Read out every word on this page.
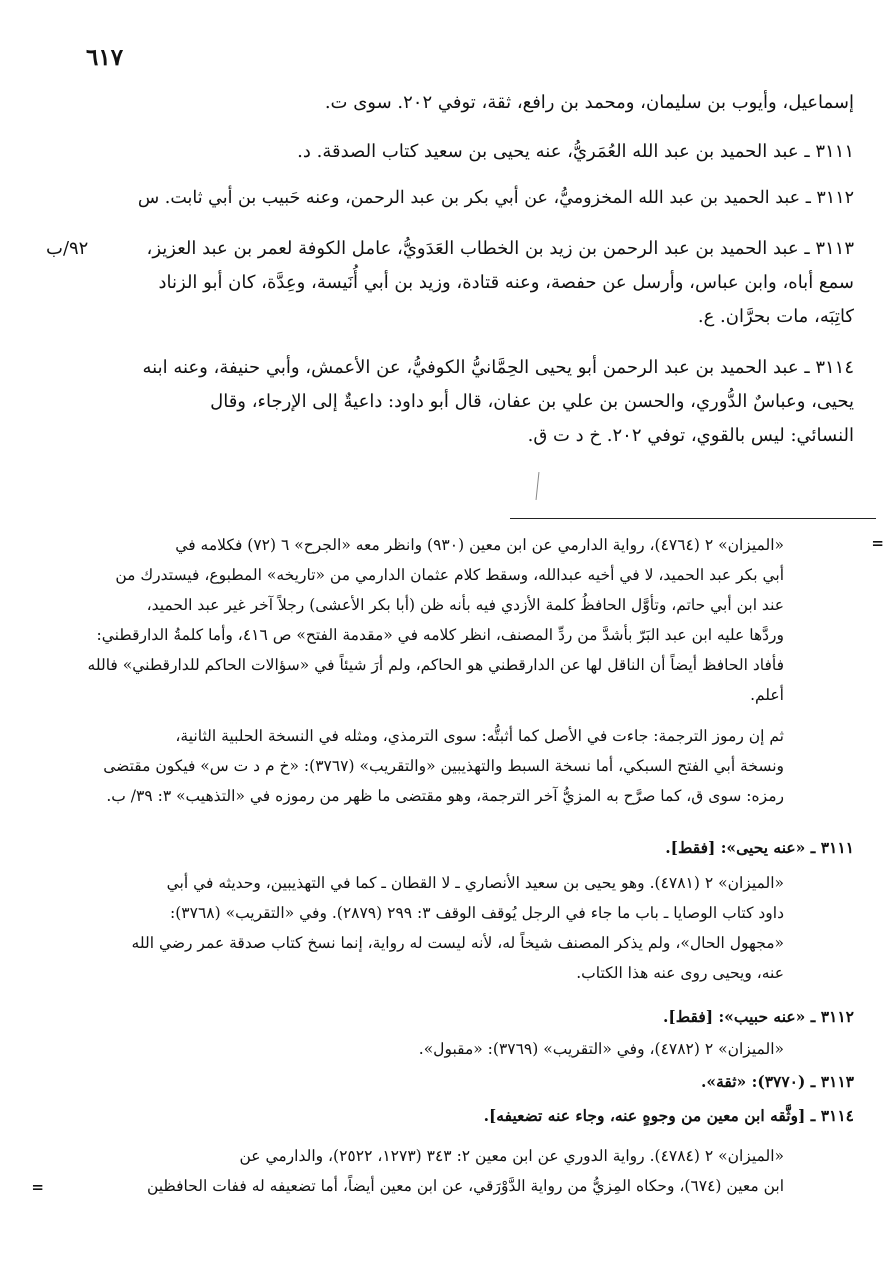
٦١٧
إسماعيل، وأيوب بن سليمان، ومحمد بن رافع، ثقة، توفي ٢٠٢. سوى ت.
٣١١١ ـ عبد الحميد بن عبد الله العُمَريُّ، عنه يحيى بن سعيد كتاب الصدقة. د.
٣١١٢ ـ عبد الحميد بن عبد الله المخزوميُّ، عن أبي بكر بن عبد الرحمن، وعنه حَبيب بن أبي ثابت. س
٣١١٣ ـ عبد الحميد بن عبد الرحمن بن زيد بن الخطاب العَدَويُّ، عامل الكوفة لعمر بن عبد العزيز،
سمع أباه، وابن عباس، وأرسل عن حفصة، وعنه قتادة، وزيد بن أبي أُنَيسة، وعِدَّة، كان أبو الزناد
كاتِبَه، مات بحرَّان. ع.
٣١١٤ ـ عبد الحميد بن عبد الرحمن أبو يحيى الحِمَّانيُّ الكوفيُّ، عن الأعمش، وأبي حنيفة، وعنه ابنه
يحيى، وعباسٌ الدُّوري، والحسن بن علي بن عفان، قال أبو داود: داعيةٌ إلى الإرجاء، وقال
النسائي: ليس بالقوي، توفي ٢٠٢. خ د ت ق.
٩٢/ب
=
«الميزان» ٢ (٤٧٦٤)، رواية الدارمي عن ابن معين (٩٣٠) وانظر معه «الجرح» ٦ (٧٢) فكلامه في
أبي بكر عبد الحميد، لا في أخيه عبدالله، وسقط كلام عثمان الدارمي من «تاريخه» المطبوع، فيستدرك من
عند ابن أبي حاتم، وتأوَّل الحافظُ كلمة الأزدي فيه بأنه ظن (أبا بكر الأعشى) رجلاً آخر غير عبد الحميد،
وردَّها عليه ابن عبد البَرّ بأشدَّ من ردِّ المصنف، انظر كلامه في «مقدمة الفتح» ص ٤١٦، وأما كلمةُ الدارقطني:
فأفاد الحافظ أيضاً أن الناقل لها عن الدارقطني هو الحاكم، ولم أرَ شيئاً في «سؤالات الحاكم للدارقطني» فالله
أعلم.
ثم إن رموز الترجمة: جاءت في الأصل كما أثبتُّه: سوى الترمذي، ومثله في النسخة الحلبية الثانية،
ونسخة أبي الفتح السبكي، أما نسخة السبط والتهذيبين «والتقريب» (٣٧٦٧): «خ م د ت س» فيكون مقتضى
رمزه: سوى ق، كما صرَّح به المزيُّ آخر الترجمة، وهو مقتضى ما ظهر من رموزه في «التذهيب» ٣: ٣٩/ ب.
٣١١١ ـ «عنه يحيى»: [فقط].
«الميزان» ٢ (٤٧٨١). وهو يحيى بن سعيد الأنصاري ـ لا القطان ـ كما في التهذيبين، وحديثه في أبي
داود كتاب الوصايا ـ باب ما جاء في الرجل يُوقف الوقف ٣: ٢٩٩ (٢٨٧٩). وفي «التقريب» (٣٧٦٨):
«مجهول الحال»، ولم يذكر المصنف شيخاً له، لأنه ليست له رواية، إنما نسخ كتاب صدقة عمر رضي الله
عنه، ويحيى روى عنه هذا الكتاب.
٣١١٢ ـ «عنه حبيب»: [فقط].
«الميزان» ٢ (٤٧٨٢)، وفي «التقريب» (٣٧٦٩): «مقبول».
٣١١٣ ـ (٣٧٧٠): «ثقة».
٣١١٤ ـ [وثَّقه ابن معين من وجوهٍ عنه، وجاء عنه تضعيفه].
«الميزان» ٢ (٤٧٨٤). رواية الدوري عن ابن معين ٢: ٣٤٣ (١٢٧٣، ٢٥٢٢)، والدارمي عن
ابن معين (٦٧٤)، وحكاه المِزيُّ من رواية الدَّوْرَقي، عن ابن معين أيضاً، أما تضعيفه له ففات الحافظين
=
